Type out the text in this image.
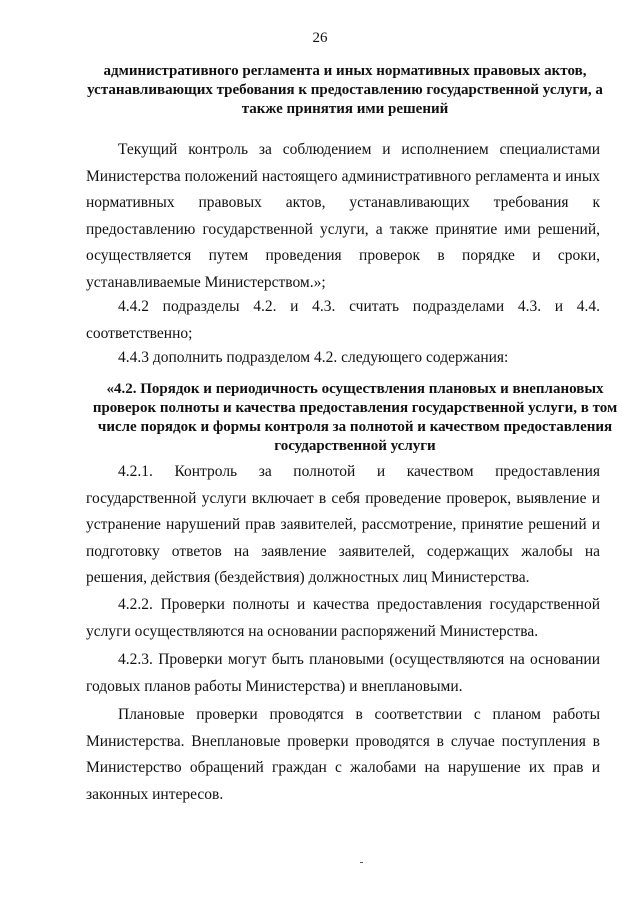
26
административного регламента и иных нормативных правовых актов, устанавливающих требования к предоставлению государственной услуги, а также принятия ими решений

Текущий контроль за соблюдением и исполнением специалистами Министерства положений настоящего административного регламента и иных нормативных правовых актов, устанавливающих требования к предоставлению государственной услуги, а также принятие ими решений, осуществляется путем проведения проверок в порядке и сроки, устанавливаемые Министерством.»;

4.4.2 подразделы 4.2. и 4.3. считать подразделами 4.3. и 4.4. соответственно;

4.4.3 дополнить подразделом 4.2. следующего содержания:

«4.2. Порядок и периодичность осуществления плановых и внеплановых проверок полноты и качества предоставления государственной услуги, в том числе порядок и формы контроля за полнотой и качеством предоставления государственной услуги

4.2.1. Контроль за полнотой и качеством предоставления государственной услуги включает в себя проведение проверок, выявление и устранение нарушений прав заявителей, рассмотрение, принятие решений и подготовку ответов на заявление заявителей, содержащих жалобы на решения, действия (бездействия) должностных лиц Министерства.

4.2.2. Проверки полноты и качества предоставления государственной услуги осуществляются на основании распоряжений Министерства.

4.2.3. Проверки могут быть плановыми (осуществляются на основании годовых планов работы Министерства) и внеплановыми.

Плановые проверки проводятся в соответствии с планом работы Министерства. Внеплановые проверки проводятся в случае поступления в Министерство обращений граждан с жалобами на нарушение их прав и законных интересов.
